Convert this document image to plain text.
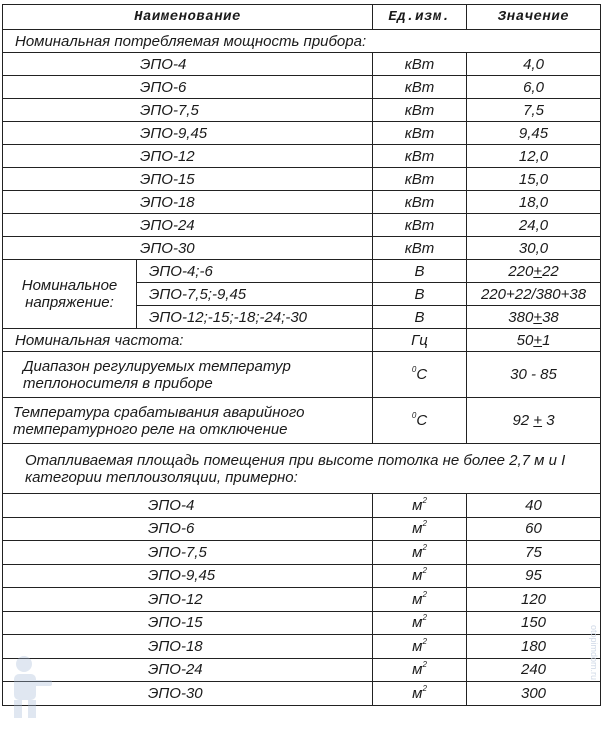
Наименование		Ед.изм.	Значение
Номинальная потребляемая мощность прибора:			
ЭПО-4		кВт	4,0
ЭПО-6		кВт	6,0
ЭПО-7,5		кВт	7,5
ЭПО-9,45		кВт	9,45
ЭПО-12		кВт	12,0
ЭПО-15		кВт	15,0
ЭПО-18		кВт	18,0
ЭПО-24		кВт	24,0
ЭПО-30		кВт	30,0
Номинальное напряжение:	ЭПО-4;-6	В	220+22
	ЭПО-7,5;-9,45	В	220+22/380+38
	ЭПО-12;-15;-18;-24;-30	В	380+38
Номинальная частота:		Гц	50+1
Диапазон регулируемых температур теплоносителя в приборе		$^0$С	30 - 85
Температура срабатывания аварийного температурного реле на отключение		$^0$С	92 + 3
Отапливаемая площадь помещения при высоте потолка не более 2,7 м и I категории теплоизоляции, примерно:			
ЭПО-4		$м^2$	40
ЭПО-6		$м^2$	60
ЭПО-7,5		$м^2$	75
ЭПО-9,45		$м^2$	95
ЭПО-12		$м^2$	120
ЭПО-15		$м^2$	150
ЭПО-18		$м^2$	180
ЭПО-24		$м^2$	240
ЭПО-30		$м^2$	300
otopimdom.ru
